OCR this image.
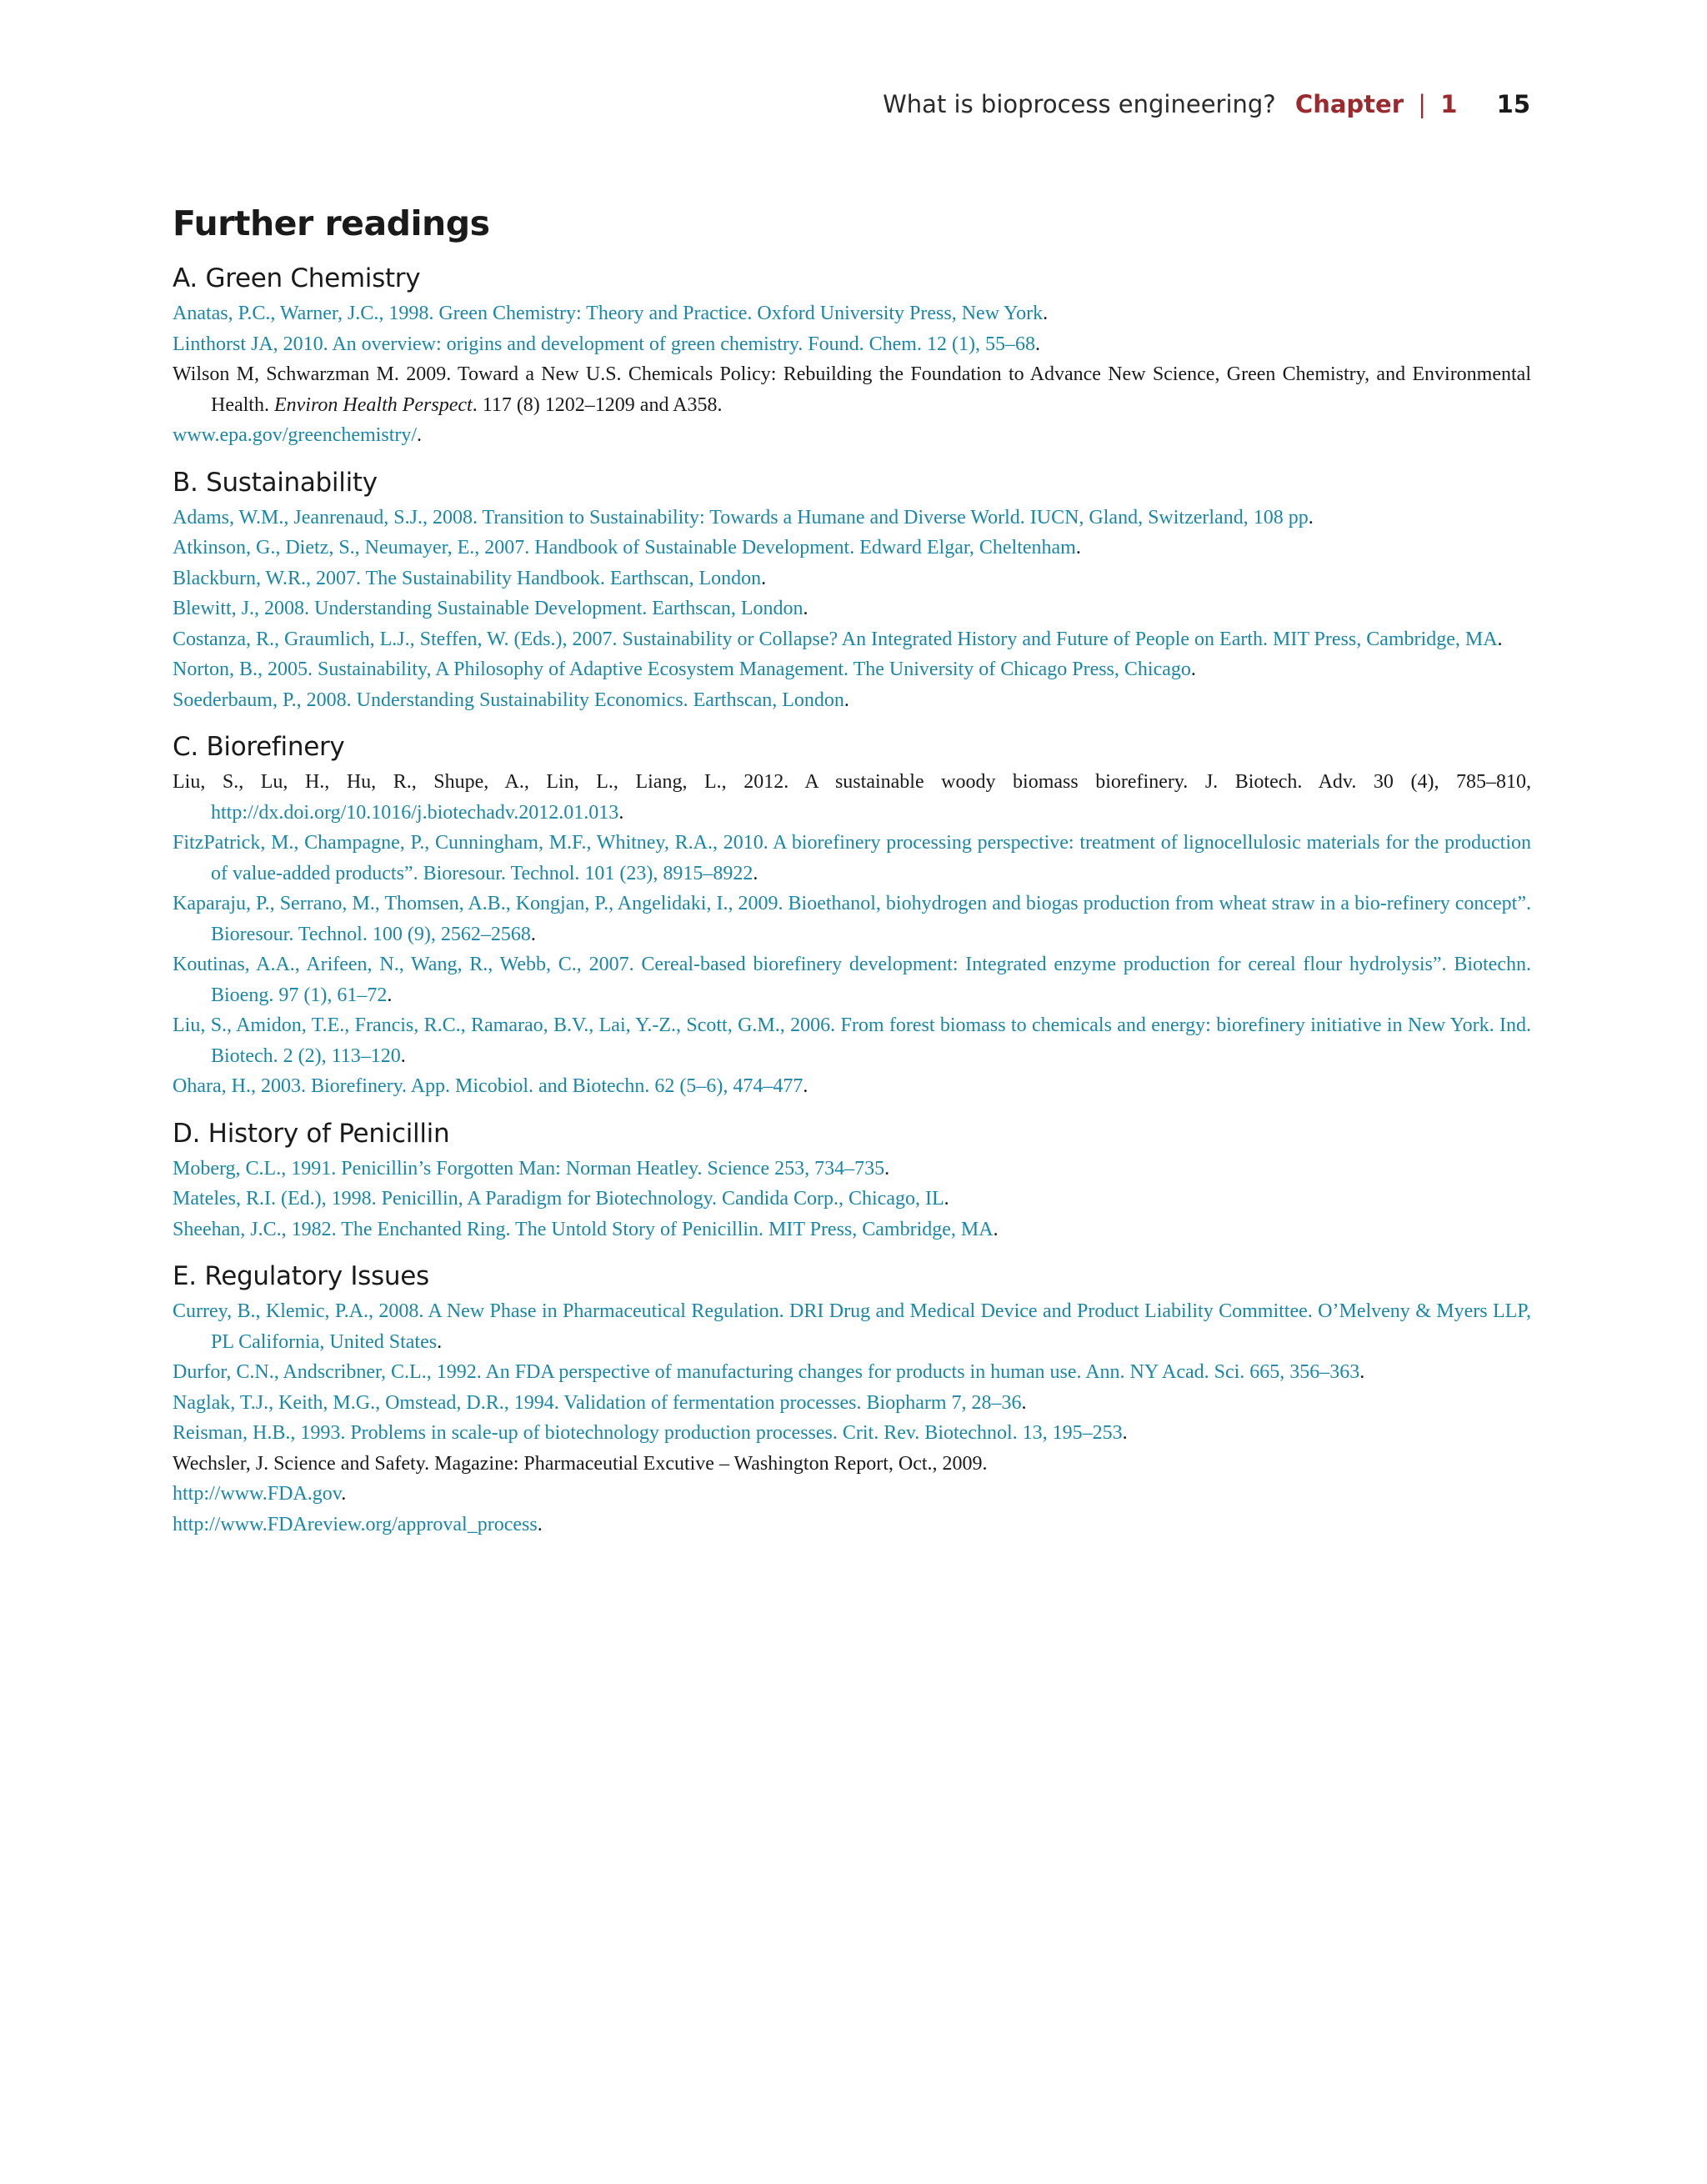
What is bioprocess engineering? Chapter | 1 15
Further readings
A. Green Chemistry

Anatas, P.C., Warner, J.C., 1998. Green Chemistry: Theory and Practice. Oxford University Press, New York.

Linthorst JA, 2010. An overview: origins and development of green chemistry. Found. Chem. 12 (1), 55–68.

Wilson M, Schwarzman M. 2009. Toward a New U.S. Chemicals Policy: Rebuilding the Foundation to Advance New Science, Green Chemistry, and Environmental Health. Environ Health Perspect. 117 (8) 1202–1209 and A358.

www.epa.gov/greenchemistry/.

B. Sustainability

Adams, W.M., Jeanrenaud, S.J., 2008. Transition to Sustainability: Towards a Humane and Diverse World. IUCN, Gland, Switzerland, 108 pp.

Atkinson, G., Dietz, S., Neumayer, E., 2007. Handbook of Sustainable Development. Edward Elgar, Cheltenham.

Blackburn, W.R., 2007. The Sustainability Handbook. Earthscan, London.

Blewitt, J., 2008. Understanding Sustainable Development. Earthscan, London.

Costanza, R., Graumlich, L.J., Steffen, W. (Eds.), 2007. Sustainability or Collapse? An Integrated History and Future of People on Earth. MIT Press, Cambridge, MA.

Norton, B., 2005. Sustainability, A Philosophy of Adaptive Ecosystem Management. The University of Chicago Press, Chicago.

Soederbaum, P., 2008. Understanding Sustainability Economics. Earthscan, London.

C. Biorefinery

Liu, S., Lu, H., Hu, R., Shupe, A., Lin, L., Liang, L., 2012. A sustainable woody biomass biorefinery. J. Biotech. Adv. 30 (4), 785–810, http://dx.doi.org/10.1016/j.biotechadv.2012.01.013.

FitzPatrick, M., Champagne, P., Cunningham, M.F., Whitney, R.A., 2010. A biorefinery processing perspective: treatment of lignocellulosic materials for the production of value-added products”. Bioresour. Technol. 101 (23), 8915–8922.

Kaparaju, P., Serrano, M., Thomsen, A.B., Kongjan, P., Angelidaki, I., 2009. Bioethanol, biohydrogen and biogas production from wheat straw in a bio-refinery concept”. Bioresour. Technol. 100 (9), 2562–2568.

Koutinas, A.A., Arifeen, N., Wang, R., Webb, C., 2007. Cereal-based biorefinery development: Integrated enzyme production for cereal flour hydrolysis”. Biotechn. Bioeng. 97 (1), 61–72.

Liu, S., Amidon, T.E., Francis, R.C., Ramarao, B.V., Lai, Y.-Z., Scott, G.M., 2006. From forest biomass to chemicals and energy: biorefinery initiative in New York. Ind. Biotech. 2 (2), 113–120.

Ohara, H., 2003. Biorefinery. App. Micobiol. and Biotechn. 62 (5–6), 474–477.

D. History of Penicillin

Moberg, C.L., 1991. Penicillin’s Forgotten Man: Norman Heatley. Science 253, 734–735.

Mateles, R.I. (Ed.), 1998. Penicillin, A Paradigm for Biotechnology. Candida Corp., Chicago, IL.

Sheehan, J.C., 1982. The Enchanted Ring. The Untold Story of Penicillin. MIT Press, Cambridge, MA.

E. Regulatory Issues

Currey, B., Klemic, P.A., 2008. A New Phase in Pharmaceutical Regulation. DRI Drug and Medical Device and Product Liability Committee. O’Melveny & Myers LLP, PL California, United States.

Durfor, C.N., Andscribner, C.L., 1992. An FDA perspective of manufacturing changes for products in human use. Ann. NY Acad. Sci. 665, 356–363.

Naglak, T.J., Keith, M.G., Omstead, D.R., 1994. Validation of fermentation processes. Biopharm 7, 28–36.

Reisman, H.B., 1993. Problems in scale-up of biotechnology production processes. Crit. Rev. Biotechnol. 13, 195–253.

Wechsler, J. Science and Safety. Magazine: Pharmaceutial Excutive – Washington Report, Oct., 2009.

http://www.FDA.gov.

http://www.FDAreview.org/approval_process.
